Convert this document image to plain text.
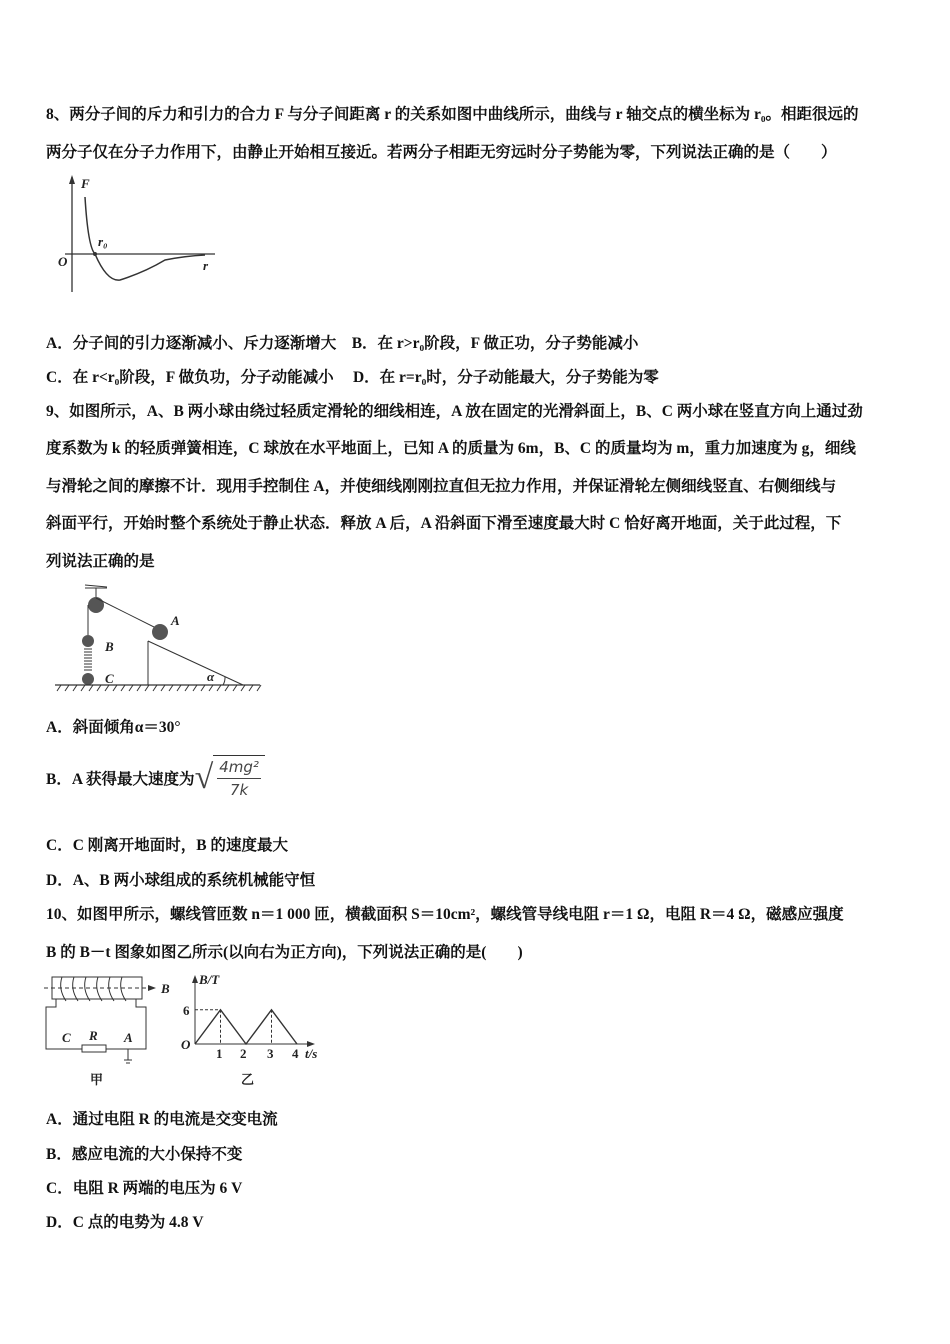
8、两分子间的斥力和引力的合力 F 与分子间距离 r 的关系如图中曲线所示，曲线与 r 轴交点的横坐标为 r₀。相距很远的
两分子仅在分子力作用下，由静止开始相互接近。若两分子相距无穷远时分子势能为零，下列说法正确的是（　　）
F
O
r₀
r
A．分子间的引力逐渐减小、斥力逐渐增大　B．在 r>r₀阶段，F 做正功，分子势能减小
C．在 r<r₀阶段，F 做负功，分子动能减小　 D．在 r=r₀时，分子动能最大，分子势能为零
9、如图所示，A、B 两小球由绕过轻质定滑轮的细线相连，A 放在固定的光滑斜面上，B、C 两小球在竖直方向上通过劲
度系数为 k 的轻质弹簧相连，C 球放在水平地面上，已知 A 的质量为 6m，B、C 的质量均为 m，重力加速度为 g，细线
与滑轮之间的摩擦不计．现用手控制住 A，并使细线刚刚拉直但无拉力作用，并保证滑轮左侧细线竖直、右侧细线与
斜面平行，开始时整个系统处于静止状态．释放 A 后，A 沿斜面下滑至速度最大时 C 恰好离开地面，关于此过程，下
列说法正确的是
A
B
C	α
A．斜面倾角α＝30°
B．A 获得最大速度为 √ $\frac{\text{4mg²}}{7k}$
C．C 刚离开地面时，B 的速度最大
D．A、B 两小球组成的系统机械能守恒
10、如图甲所示，螺线管匝数 n＝1 000 匝，横截面积 S＝10cm²，螺线管导线电阻 r＝1 Ω，电阻 R＝4 Ω，磁感应强度
B 的 B－t 图象如图乙所示(以向右为正方向)，下列说法正确的是(　　)
B
R
C	A
甲
B/T
6
O
1 2 3 4 t/s
乙
A．通过电阻 R 的电流是交变电流
B．感应电流的大小保持不变
C．电阻 R 两端的电压为 6 V
D．C 点的电势为 4.8 V
